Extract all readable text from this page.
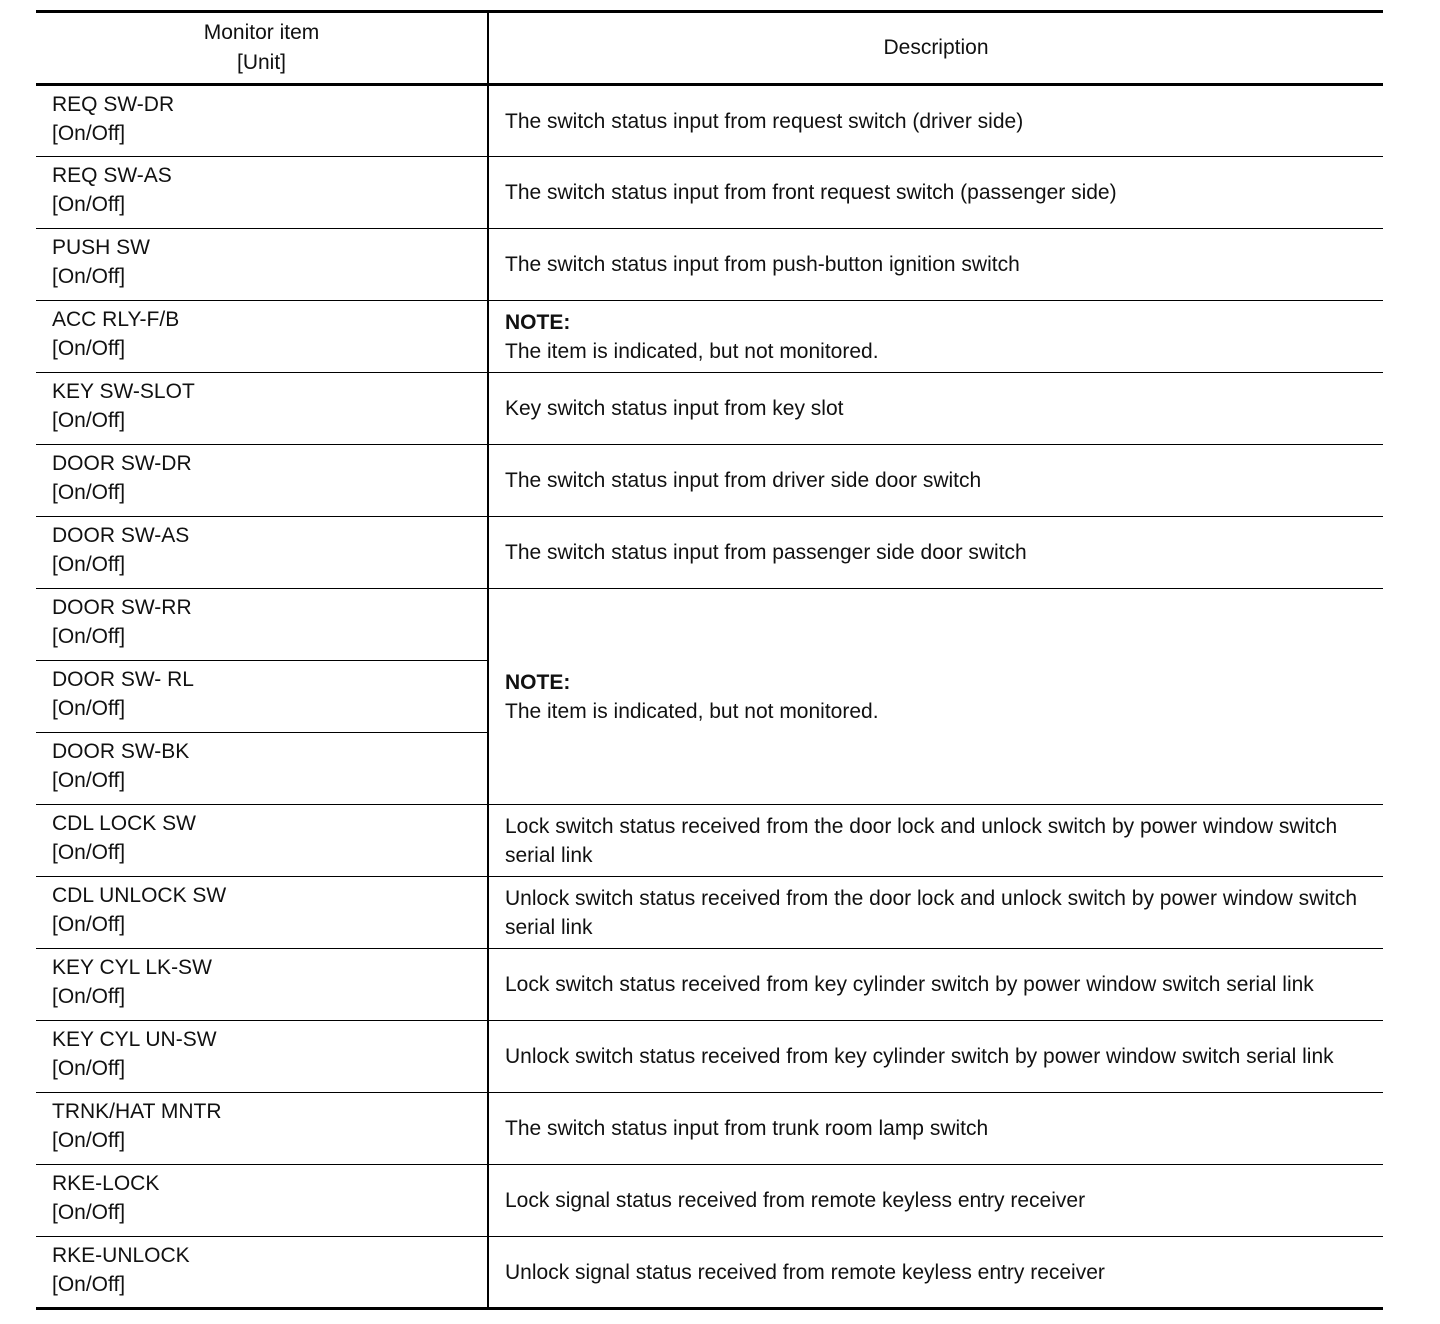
Monitor item
[Unit]	Description

REQ SW-DR
[On/Off]	The switch status input from request switch (driver side)

REQ SW-AS
[On/Off]	The switch status input from front request switch (passenger side)

PUSH SW
[On/Off]	The switch status input from push-button ignition switch

ACC RLY-F/B
[On/Off]	NOTE:
The item is indicated, but not monitored.

KEY SW-SLOT
[On/Off]	Key switch status input from key slot

DOOR SW-DR
[On/Off]	The switch status input from driver side door switch

DOOR SW-AS
[On/Off]	The switch status input from passenger side door switch

DOOR SW-RR
[On/Off]	NOTE:
The item is indicated, but not monitored.

DOOR SW- RL
[On/Off]	

DOOR SW-BK
[On/Off]	

CDL LOCK SW
[On/Off]	Lock switch status received from the door lock and unlock switch by power window switch serial link

CDL UNLOCK SW
[On/Off]	Unlock switch status received from the door lock and unlock switch by power window switch serial link

KEY CYL LK-SW
[On/Off]	Lock switch status received from key cylinder switch by power window switch serial link

KEY CYL UN-SW
[On/Off]	Unlock switch status received from key cylinder switch by power window switch serial link

TRNK/HAT MNTR
[On/Off]	The switch status input from trunk room lamp switch

RKE-LOCK
[On/Off]	Lock signal status received from remote keyless entry receiver

RKE-UNLOCK
[On/Off]	Unlock signal status received from remote keyless entry receiver
